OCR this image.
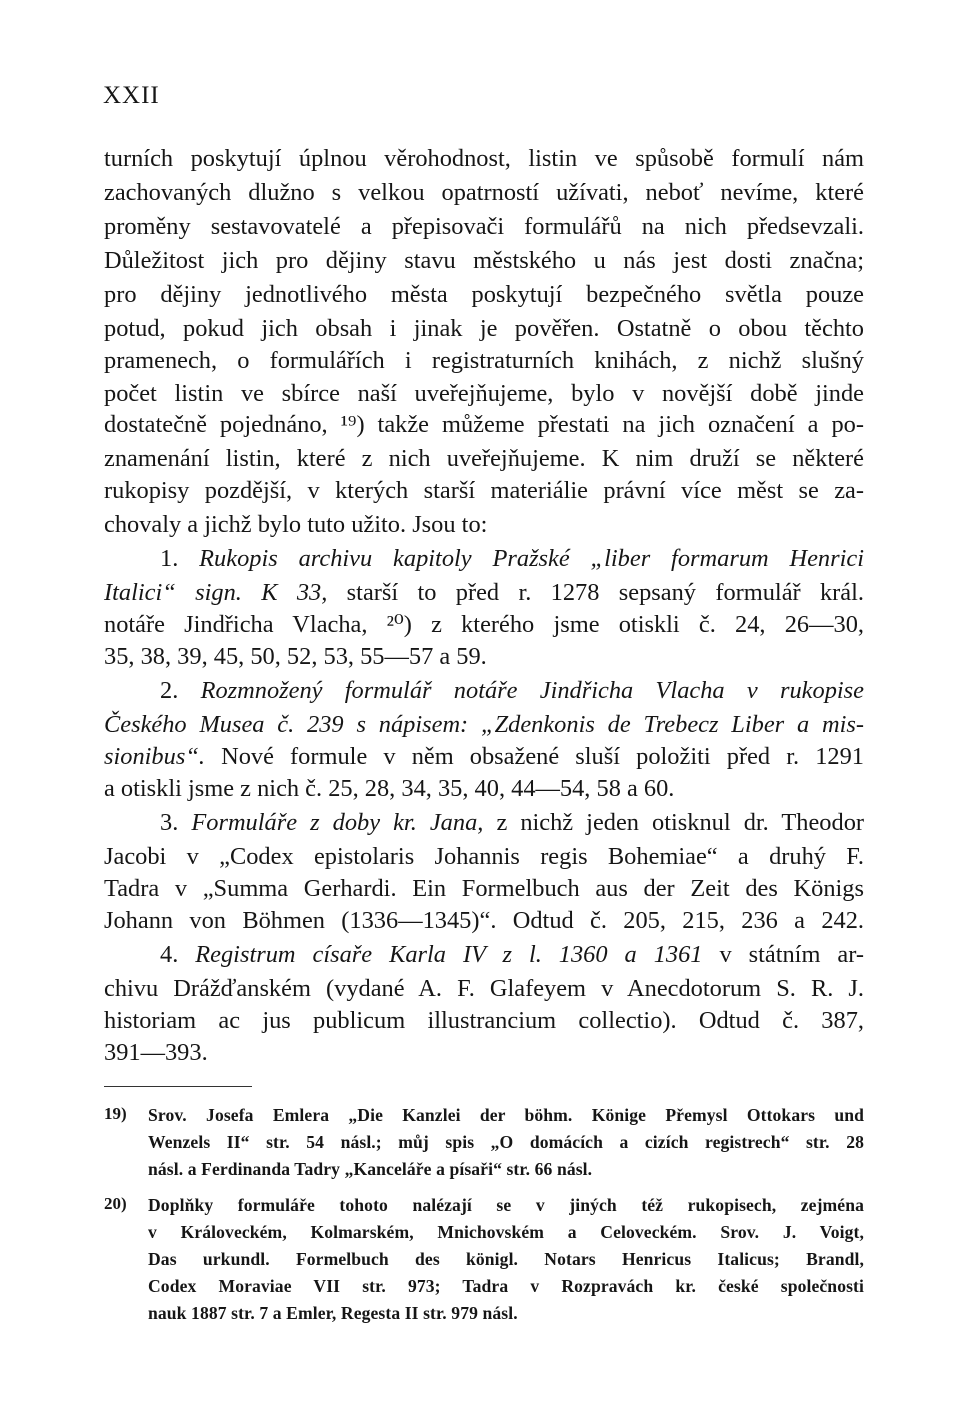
XXII
turních poskytují úplnou věrohodnost, listin ve spůsobě formulí nám
zachovaných dlužno s velkou opatrností užívati, neboť nevíme, které
proměny sestavovatelé a přepisovači formulářů na nich předsevzali.
Důležitost jich pro dějiny stavu městského u nás jest dosti značna;
pro dějiny jednotlivého města poskytují bezpečného světla pouze
potud, pokud jich obsah i jinak je pověřen. Ostatně o obou těchto
pramenech, o formulářích i registraturních knihách, z nichž slušný
počet listin ve sbírce naší uveřejňujeme, bylo v novější době jinde
dostatečně pojednáno, ¹⁹) takže můžeme přestati na jich označení a po-
znamenání listin, které z nich uveřejňujeme. K nim druží se některé
rukopisy pozdější, v kterých starší materiálie právní více měst se za-
chovaly a jichž bylo tuto užito. Jsou to:
1. Rukopis archivu kapitoly Pražské „liber formarum Henrici
Italici“ sign. K 33, starší to před r. 1278 sepsaný formulář král.
notáře Jindřicha Vlacha, ²⁰) z kterého jsme otiskli č. 24, 26—30,
35, 38, 39, 45, 50, 52, 53, 55—57 a 59.
2. Rozmnožený formulář notáře Jindřicha Vlacha v rukopise
Českého Musea č. 239 s nápisem: „Zdenkonis de Trebecz Liber a mis-
sionibus“. Nové formule v něm obsažené sluší položiti před r. 1291
a otiskli jsme z nich č. 25, 28, 34, 35, 40, 44—54, 58 a 60.
3. Formuláře z doby kr. Jana, z nichž jeden otisknul dr. Theodor
Jacobi v „Codex epistolaris Johannis regis Bohemiae“ a druhý F.
Tadra v „Summa Gerhardi. Ein Formelbuch aus der Zeit des Königs
Johann von Böhmen (1336—1345)“. Odtud č. 205, 215, 236 a 242.
4. Registrum císaře Karla IV z l. 1360 a 1361 v státním ar-
chivu Drážďanském (vydané A. F. Glafeyem v Anecdotorum S. R. J.
historiam ac jus publicum illustrancium collectio). Odtud č. 387,
391—393.
19) Srov. Josefa Emlera „Die Kanzlei der böhm. Könige Přemysl Ottokars und
Wenzels II“ str. 54 násl.; můj spis „O domácích a cizích registrech“ str. 28
násl. a Ferdinanda Tadry „Kanceláře a písaři“ str. 66 násl.
20) Doplňky formuláře tohoto nalézají se v jiných též rukopisech, zejména
v Královeckém, Kolmarském, Mnichovském a Celoveckém. Srov. J. Voigt,
Das urkundl. Formelbuch des königl. Notars Henricus Italicus; Brandl,
Codex Moraviae VII str. 973; Tadra v Rozpravách kr. české společnosti
nauk 1887 str. 7 a Emler, Regesta II str. 979 násl.
